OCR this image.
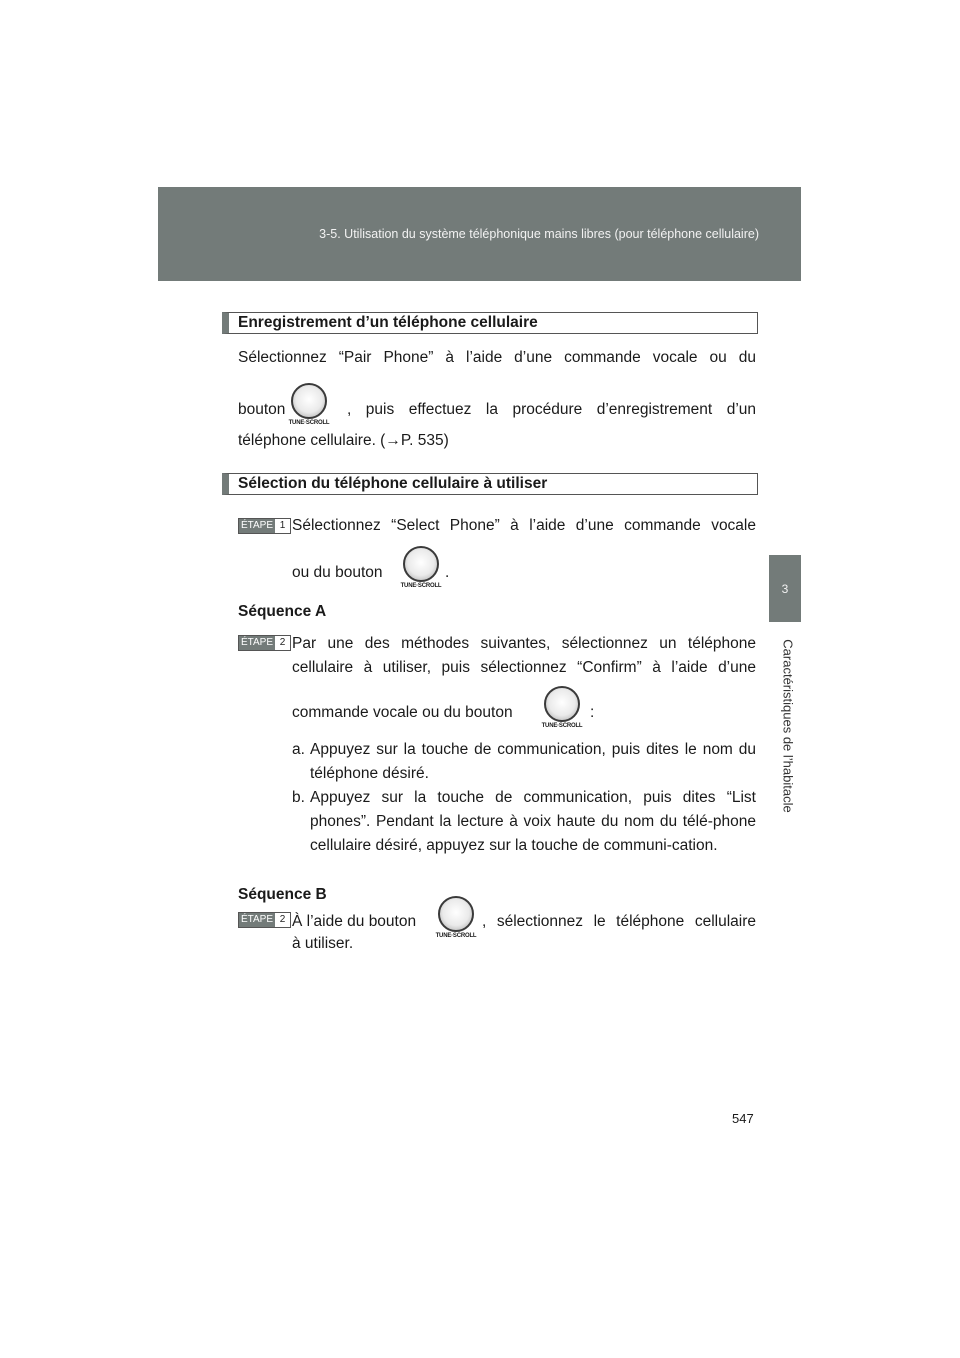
3-5. Utilisation du système téléphonique mains libres (pour téléphone cellulaire)
3
Caractéristiques de l’habitacle
Enregistrement d’un téléphone cellulaire
Sélectionnez “Pair Phone” à l’aide d’une commande vocale ou du
bouton
TUNE·SCROLL
, puis effectuez la procédure d’enregistrement d’un
téléphone cellulaire. (→P. 535)
Sélection du téléphone cellulaire à utiliser
ÉTAPE 1 Sélectionnez “Select Phone” à l’aide d’une commande vocale
ou du bouton
TUNE·SCROLL
.
Séquence A
ÉTAPE 2 Par une des méthodes suivantes, sélectionnez un téléphone
cellulaire à utiliser, puis sélectionnez “Confirm” à l’aide d’une
commande vocale ou du bouton
TUNE·SCROLL
:
a. Appuyez sur la touche de communication, puis dites le nom du téléphone désiré.
b. Appuyez sur la touche de communication, puis dites “List phones”. Pendant la lecture à voix haute du nom du télé-phone cellulaire désiré, appuyez sur la touche de communi-cation.
Séquence B
ÉTAPE 2 À l’aide du bouton
TUNE·SCROLL
, sélectionnez le téléphone cellulaire
à utiliser.
547
